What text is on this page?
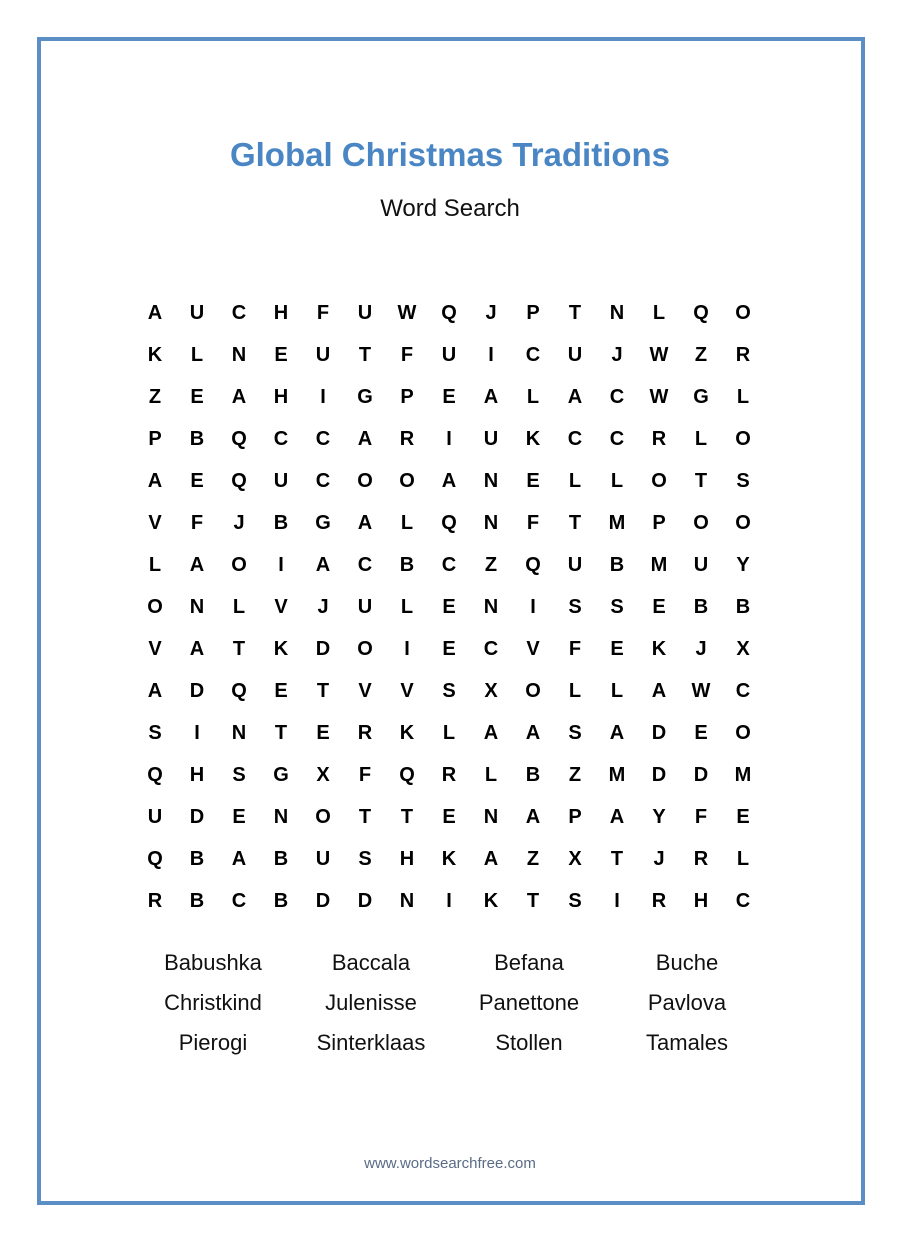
Global Christmas Traditions
Word Search
A	U	C	H	F	U	W	Q	J	P	T	N	L	Q	O
K	L	N	E	U	T	F	U	I	C	U	J	W	Z	R
Z	E	A	H	I	G	P	E	A	L	A	C	W	G	L
P	B	Q	C	C	A	R	I	U	K	C	C	R	L	O
A	E	Q	U	C	O	O	A	N	E	L	L	O	T	S
V	F	J	B	G	A	L	Q	N	F	T	M	P	O	O
L	A	O	I	A	C	B	C	Z	Q	U	B	M	U	Y
O	N	L	V	J	U	L	E	N	I	S	S	E	B	B
V	A	T	K	D	O	I	E	C	V	F	E	K	J	X
A	D	Q	E	T	V	V	S	X	O	L	L	A	W	C
S	I	N	T	E	R	K	L	A	A	S	A	D	E	O
Q	H	S	G	X	F	Q	R	L	B	Z	M	D	D	M
U	D	E	N	O	T	T	E	N	A	P	A	Y	F	E
Q	B	A	B	U	S	H	K	A	Z	X	T	J	R	L
R	B	C	B	D	D	N	I	K	T	S	I	R	H	C
Babushka	Baccala	Befana	Buche
Christkind	Julenisse	Panettone	Pavlova
Pierogi	Sinterklaas	Stollen	Tamales
www.wordsearchfree.com
